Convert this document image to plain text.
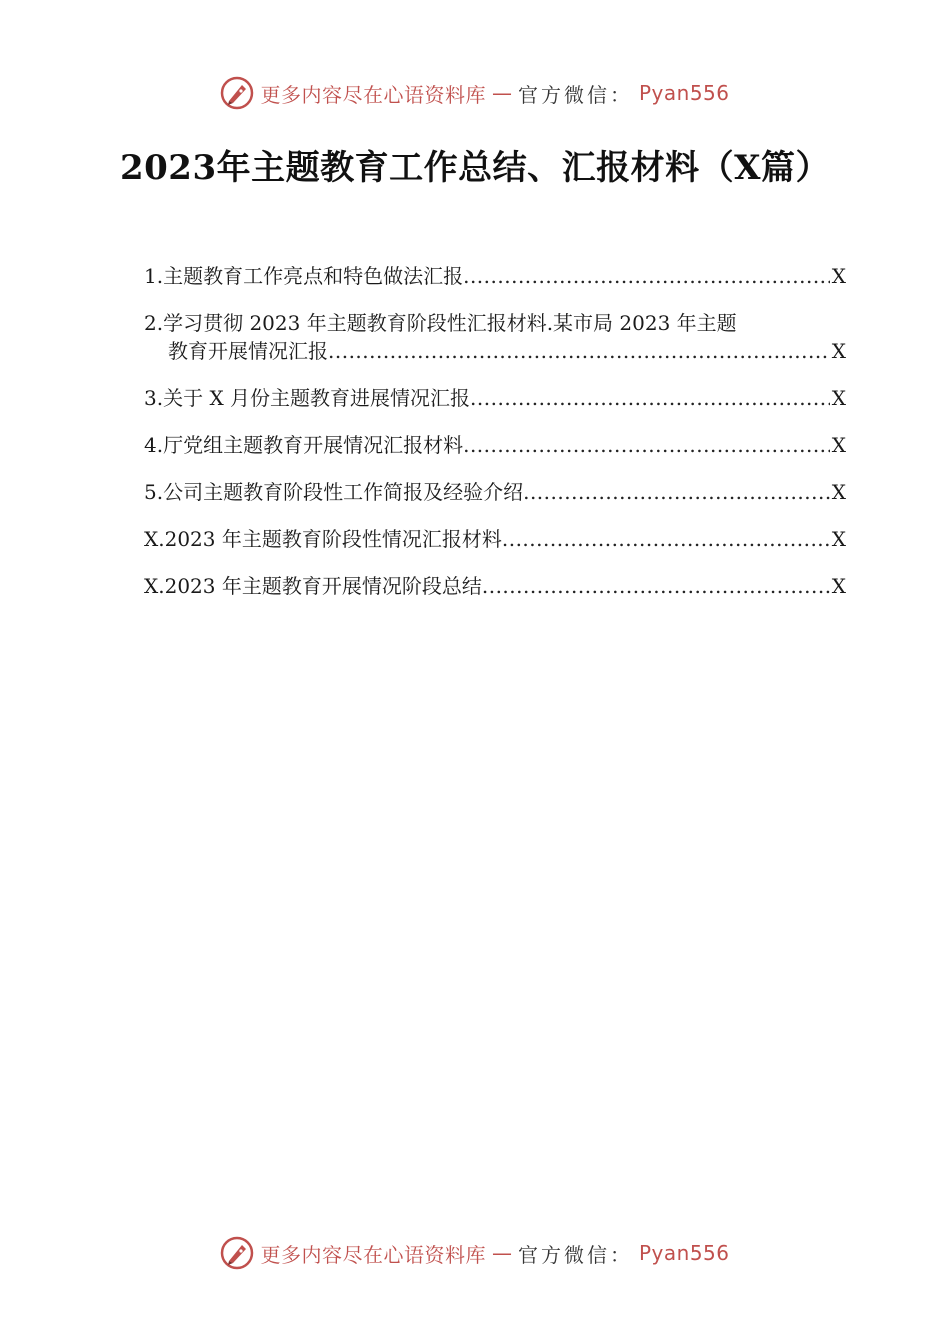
更多内容尽在心语资料库 — 官方微信： Pyan556
2023年主题教育工作总结、汇报材料（X篇）
1.主题教育工作亮点和特色做法汇报 .....	X
2.学习贯彻 2023 年主题教育阶段性汇报材料.某市局 2023 年主题
教育开展情况汇报 .....	X
3.关于 X 月份主题教育进展情况汇报 .....	X
4.厅党组主题教育开展情况汇报材料 .....	X
5.公司主题教育阶段性工作简报及经验介绍 .....	X
X.2023 年主题教育阶段性情况汇报材料 .....	X
X.2023 年主题教育开展情况阶段总结 .....	X
更多内容尽在心语资料库 — 官方微信： Pyan556
